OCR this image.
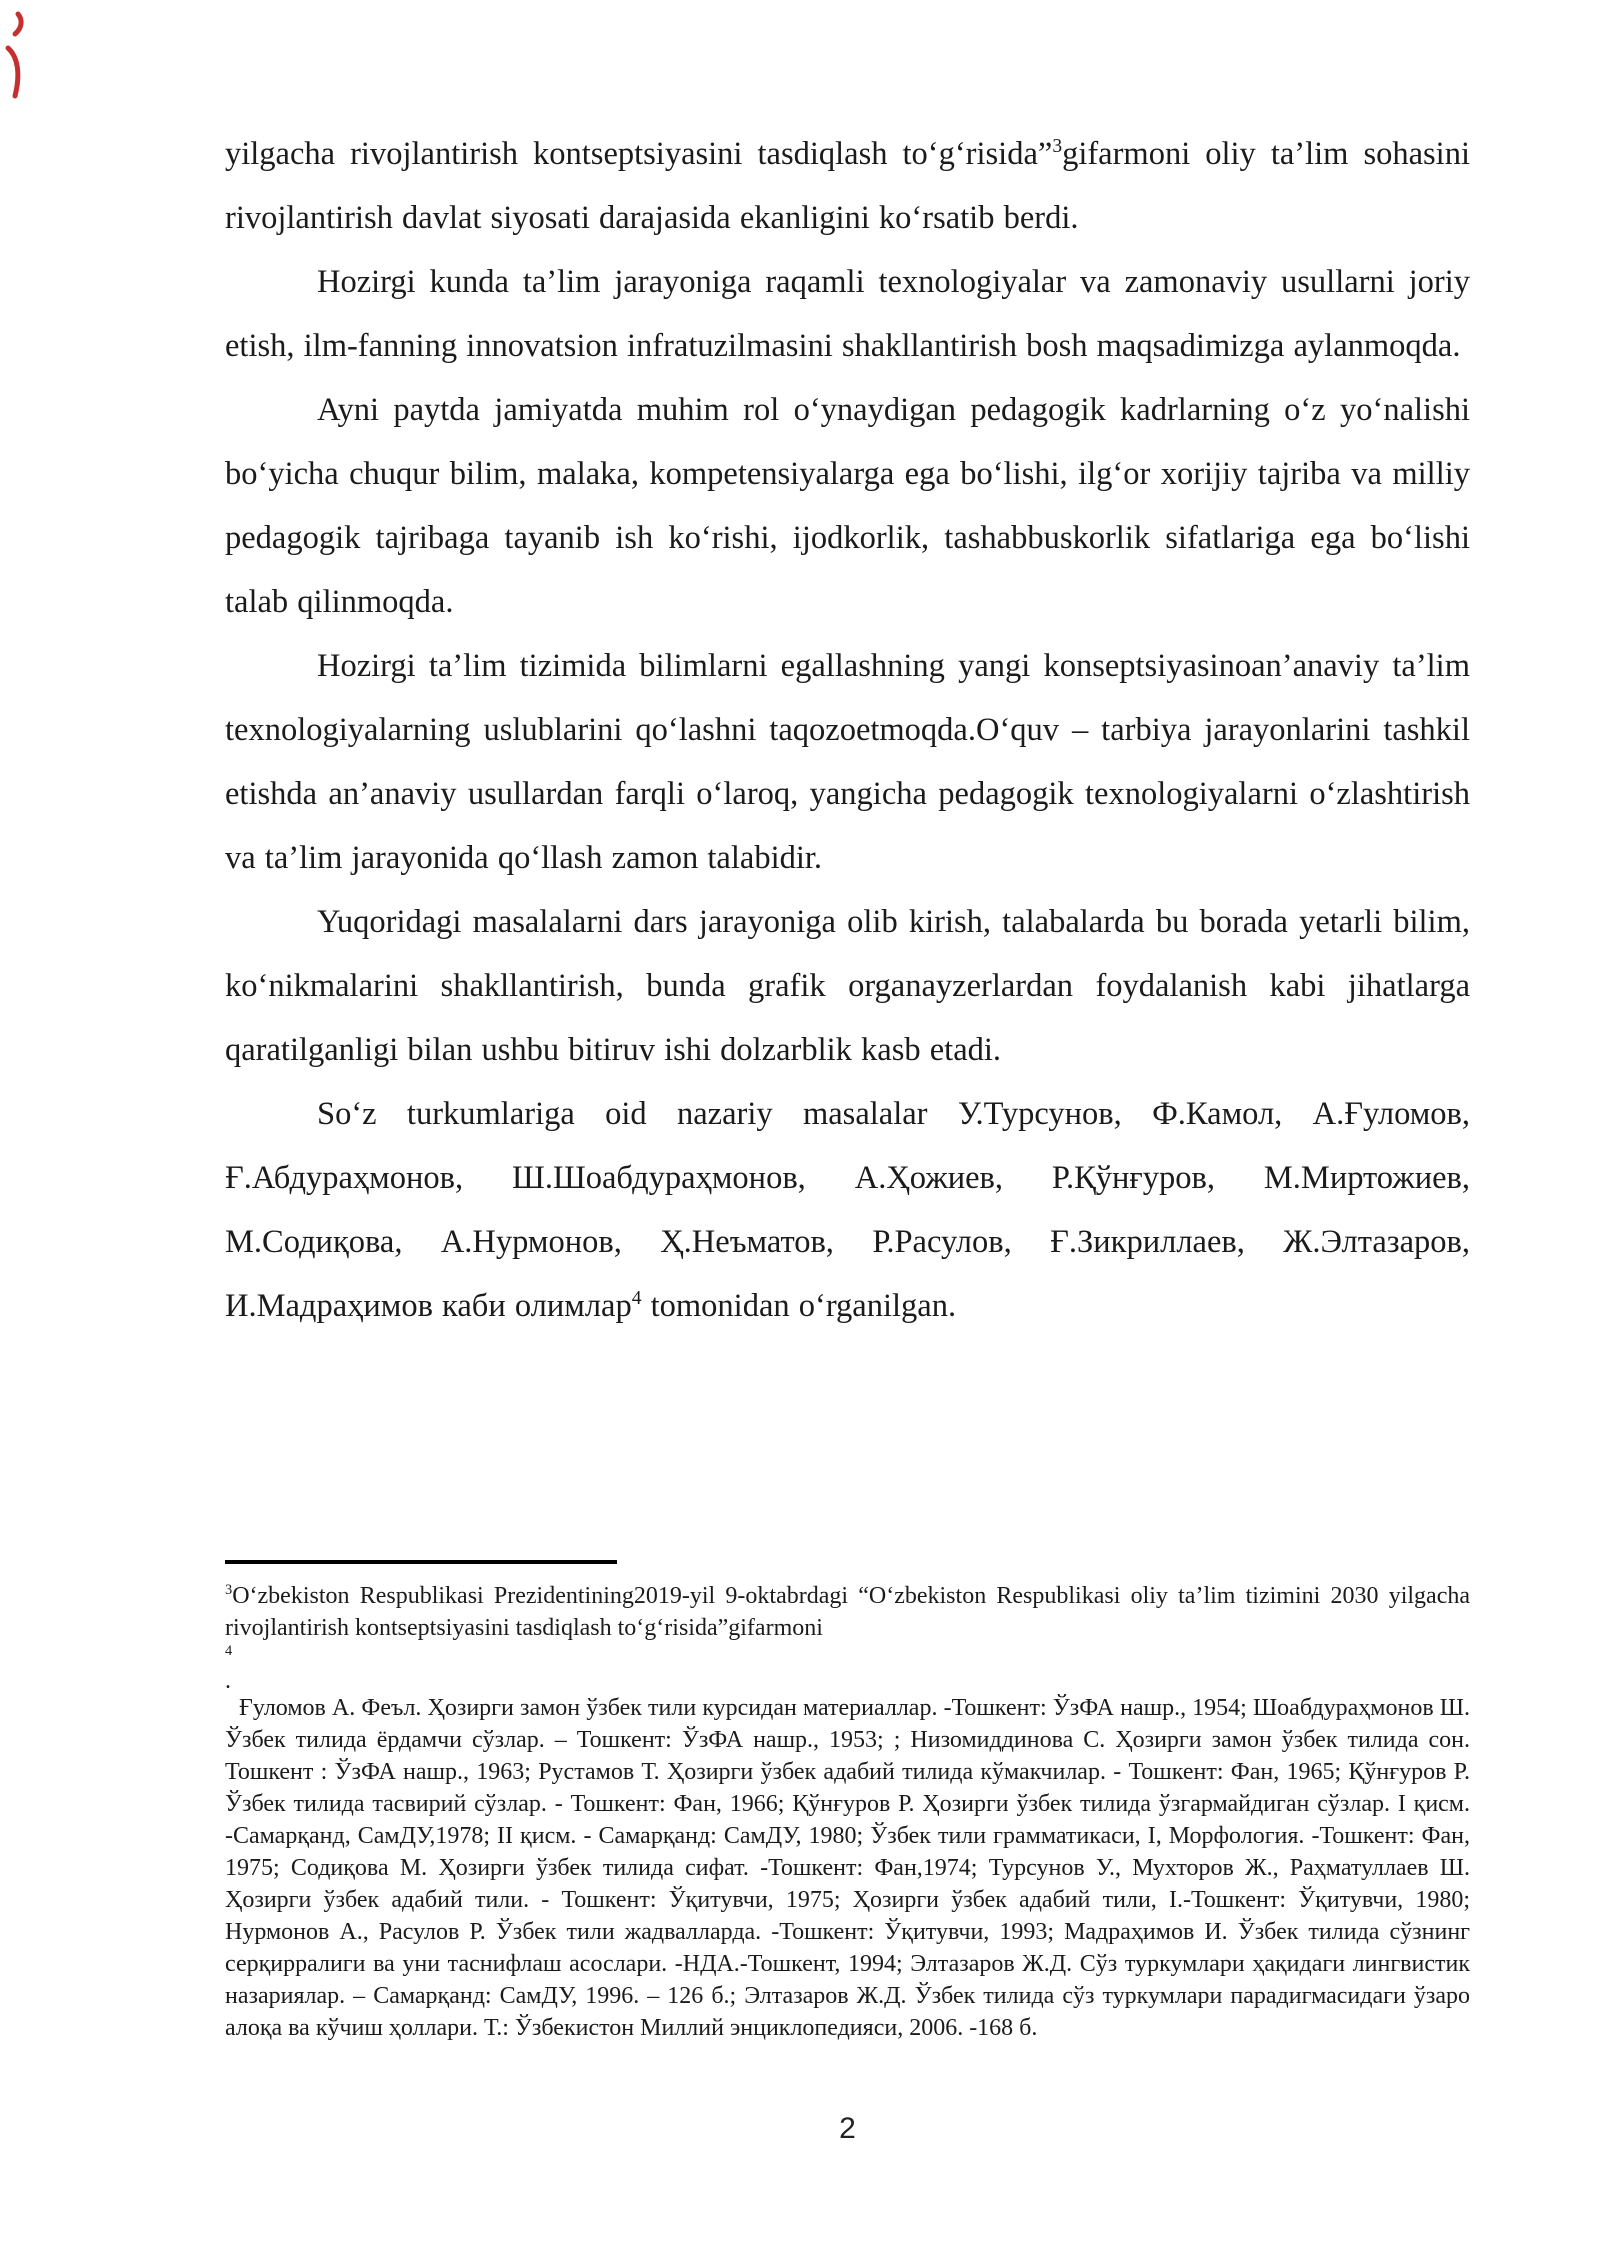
yilgacha rivojlantirish kontseptsiyasini tasdiqlash to‘g‘risida”$^3$gifarmoni oliy ta’lim sohasini rivojlantirish davlat siyosati darajasida ekanligini ko‘rsatib berdi.

Hozirgi kunda ta’lim jarayoniga raqamli texnologiyalar va zamonaviy usullarni joriy etish, ilm-fanning innovatsion infratuzilmasini shakllantirish bosh maqsadimizga aylanmoqda.

Ayni paytda jamiyatda muhim rol o‘ynaydigan pedagogik kadrlarning o‘z yo‘nalishi bo‘yicha chuqur bilim, malaka, kompetensiyalarga ega bo‘lishi, ilg‘or xorijiy tajriba va milliy pedagogik tajribaga tayanib ish ko‘rishi, ijodkorlik, tashabbuskorlik sifatlariga ega bo‘lishi talab qilinmoqda.

Hozirgi ta’lim tizimida bilimlarni egallashning yangi konseptsiyasinoan’anaviy ta’lim texnologiyalarning uslublarini qo‘lashni taqozoetmoqda.O‘quv – tarbiya jarayonlarini tashkil etishda an’anaviy usullardan farqli o‘laroq, yangicha pedagogik texnologiyalarni o‘zlashtirish va ta’lim jarayonida qo‘llash zamon talabidir.

Yuqoridagi masalalarni dars jarayoniga olib kirish, talabalarda bu borada yetarli bilim, ko‘nikmalarini shakllantirish, bunda grafik organayzerlardan foydalanish kabi jihatlarga qaratilganligi bilan ushbu bitiruv ishi dolzarblik kasb etadi.

So‘z turkumlariga oid nazariy masalalar У.Турсунов, Ф.Камол, А.Ғуломов, Ғ.Абдураҳмонов, Ш.Шоабдураҳмонов, А.Ҳожиев, Р.Қўнғуров, М.Миртожиев, М.Содиқова, А.Нурмонов, Ҳ.Неъматов, Р.Расулов, Ғ.Зикриллаев, Ж.Элтазаров, И.Мадраҳимов каби олимлар$^4$ tomonidan o‘rganilgan.

$^3$O‘zbekiston Respublikasi Prezidentining2019-yil 9-oktabrdagi “O‘zbekiston Respublikasi oliy ta’lim tizimini 2030 yilgacha rivojlantirish kontseptsiyasini tasdiqlash to‘g‘risida”gifarmoni

$^4$

.

Ғуломов А. Феъл. Ҳозирги замон ўзбек тили курсидан материаллар. -Тошкент: ЎзФА нашр., 1954; Шоабдураҳмонов Ш. Ўзбек тилида ёрдамчи сўзлар. – Тошкент: ЎзФА нашр., 1953; ; Низомиддинова С. Ҳозирги замон ўзбек тилида сон. Тошкент : ЎзФА нашр., 1963; Рустамов Т. Ҳозирги ўзбек адабий тилида кўмакчилар. - Тошкент: Фан, 1965; Қўнғуров Р. Ўзбек тилида тасвирий сўзлар. - Тошкент: Фан, 1966; Қўнғуров Р. Ҳозирги ўзбек тилида ўзгармайдиган сўзлар. I қисм. -Самарқанд, СамДУ,1978; II қисм. - Самарқанд: СамДУ, 1980; Ўзбек тили грамматикаси, I, Морфология. -Тошкент: Фан, 1975; Содиқова М. Ҳозирги ўзбек тилида сифат. -Тошкент: Фан,1974; Турсунов У., Мухторов Ж., Раҳматуллаев Ш. Ҳозирги ўзбек адабий тили. - Тошкент: Ўқитувчи, 1975; Ҳозирги ўзбек адабий тили, I.-Тошкент: Ўқитувчи, 1980; Нурмонов А., Расулов Р. Ўзбек тили жадвалларда. -Тошкент: Ўқитувчи, 1993; Мадраҳимов И. Ўзбек тилида сўзнинг серқирралиги ва уни таснифлаш асослари. -НДА.-Тошкент, 1994; Элтазаров Ж.Д. Сўз туркумлари ҳақидаги лингвистик назариялар. – Самарқанд: СамДУ, 1996. – 126 б.; Элтазаров Ж.Д. Ўзбек тилида сўз туркумлари парадигмасидаги ўзаро алоқа ва кўчиш ҳоллари. Т.: Ўзбекистон Миллий энциклопедияси, 2006. -168 б.

2
